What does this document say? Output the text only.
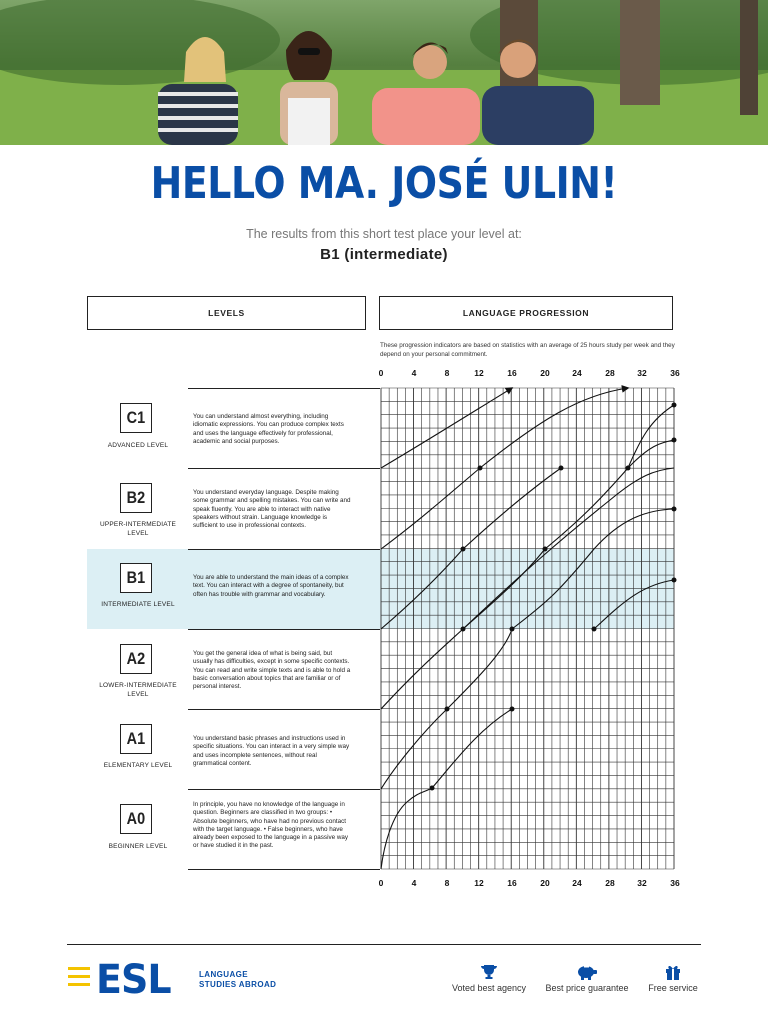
HELLO MA. JOSÉ ULIN!
The results from this short test place your level at:
B1 (intermediate)
LEVELS	LANGUAGE PROGRESSION
These progression indicators are based on statistics with an average of 25 hours study per week and they depend on your personal commitment.
C1
ADVANCED LEVEL
You can understand almost everything, including idiomatic expressions. You can produce complex texts and uses the language effectively for professional, academic and social purposes.
B2
UPPER-INTERMEDIATE LEVEL
You understand everyday language. Despite making some grammar and spelling mistakes. You can write and speak fluently. You are able to interact with native speakers without strain. Language knowledge is sufficient to use in professional contexts.
B1
INTERMEDIATE LEVEL
You are able to understand the main ideas of a complex text. You can interact with a degree of spontaneity, but often has trouble with grammar and vocabulary.
A2
LOWER-INTERMEDIATE LEVEL
You get the general idea of what is being said, but usually has difficulties, except in some specific contexts. You can read and write simple texts and is able to hold a basic conversation about topics that are familiar or of personal interest.
A1
ELEMENTARY LEVEL
You understand basic phrases and instructions used in specific situations. You can interact in a very simple way and uses incomplete sentences, without real grammatical content.
A0
BEGINNER LEVEL
In principle, you have no knowledge of the language in question. Beginners are classified in two groups: • Absolute beginners, who have had no previous contact with the target language. • False beginners, who have already been exposed to the language in a passive way or have studied it in the past.
0	4	8	12	16	20	24	28	32	36
0	4	8	12	16	20	24	28	32	36
ESL	LANGUAGE
STUDIES ABROAD	Voted best agency	Best price guarantee	Free service
